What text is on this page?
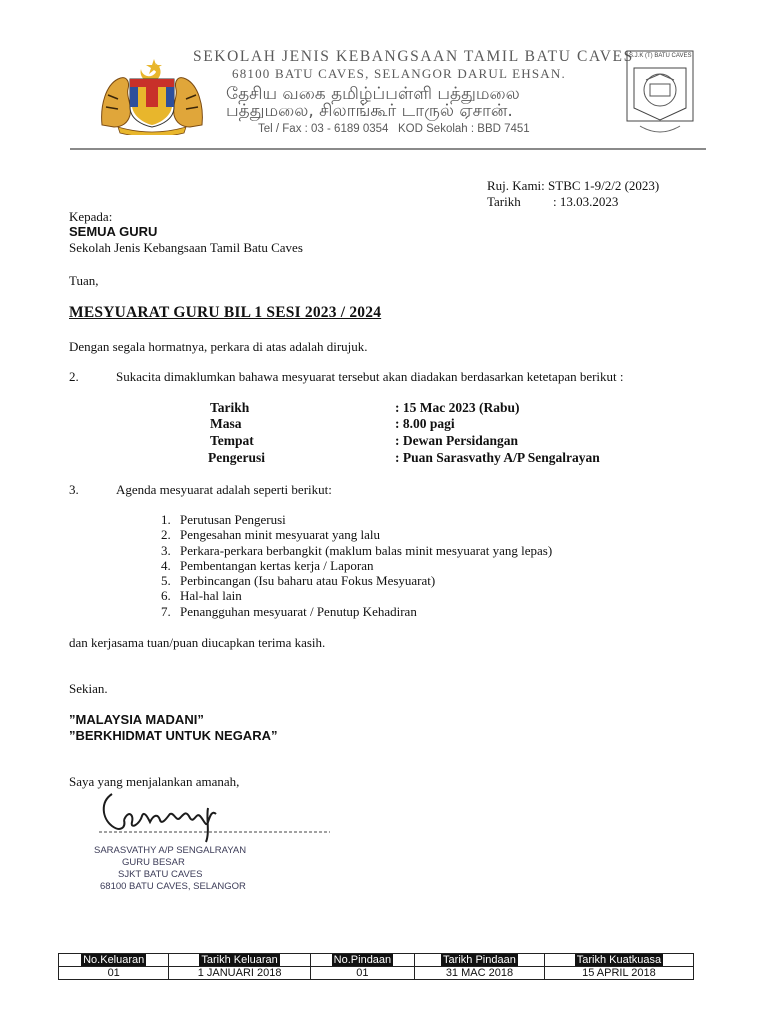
SEKOLAH JENIS KEBANGSAAN TAMIL BATU CAVES
68100 BATU CAVES, SELANGOR DARUL EHSAN.
தேசிய வகை தமிழ்ப்பள்ளி பத்துமலை
பத்துமலை, சிலாங்கூர் டாருல் ஏசான்.
Tel / Fax : 03 - 6189 0354 KOD Sekolah : BBD 7451
S.J.K (T) BATU CAVES
Ruj. Kami: STBC 1-9/2/2 (2023)
Tarikh : 13.03.2023
Kepada:
SEMUA GURU
Sekolah Jenis Kebangsaan Tamil Batu Caves
Tuan,
MESYUARAT GURU BIL 1 SESI 2023 / 2024
Dengan segala hormatnya, perkara di atas adalah dirujuk.
2.	Sukacita dimaklumkan bahawa mesyuarat tersebut akan diadakan berdasarkan ketetapan berikut :
Tarikh	: 15 Mac 2023 (Rabu)
Masa	: 8.00 pagi
Tempat	: Dewan Persidangan
Pengerusi	: Puan Sarasvathy A/P Sengalrayan
3.	Agenda mesyuarat adalah seperti berikut:
1. Perutusan Pengerusi
2. Pengesahan minit mesyuarat yang lalu
3. Perkara-perkara berbangkit (maklum balas minit mesyuarat yang lepas)
4. Pembentangan kertas kerja / Laporan
5. Perbincangan (Isu baharu atau Fokus Mesyuarat)
6. Hal-hal lain
7. Penangguhan mesyuarat / Penutup Kehadiran
dan kerjasama tuan/puan diucapkan terima kasih.
Sekian.
”MALAYSIA MADANI”
”BERKHIDMAT UNTUK NEGARA”
Saya yang menjalankan amanah,
SARASVATHY A/P SENGALRAYAN
GURU BESAR
SJKT BATU CAVES
68100 BATU CAVES, SELANGOR
No.Keluaran	Tarikh Keluaran	No.Pindaan	Tarikh Pindaan	Tarikh Kuatkuasa
01	1 JANUARI 2018	01	31 MAC 2018	15 APRIL 2018
